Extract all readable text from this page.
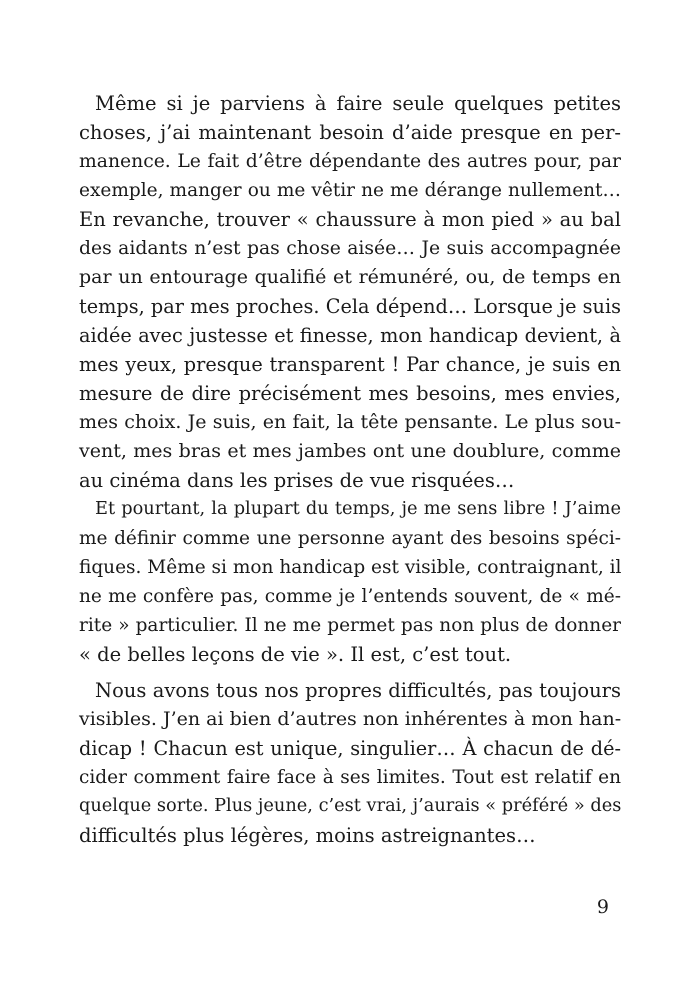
Même si je parviens à faire seule quelques petites
choses, j’ai maintenant besoin d’aide presque en per-
manence. Le fait d’être dépendante des autres pour, par
exemple, manger ou me vêtir ne me dérange nullement…
En revanche, trouver « chaussure à mon pied » au bal
des aidants n’est pas chose aisée… Je suis accompagnée
par un entourage qualifié et rémunéré, ou, de temps en
temps, par mes proches. Cela dépend… Lorsque je suis
aidée avec justesse et finesse, mon handicap devient, à
mes yeux, presque transparent ! Par chance, je suis en
mesure de dire précisément mes besoins, mes envies,
mes choix. Je suis, en fait, la tête pensante. Le plus sou-
vent, mes bras et mes jambes ont une doublure, comme
au cinéma dans les prises de vue risquées…
Et pourtant, la plupart du temps, je me sens libre ! J’aime
me définir comme une personne ayant des besoins spéci-
fiques. Même si mon handicap est visible, contraignant, il
ne me confère pas, comme je l’entends souvent, de « mé-
rite » particulier. Il ne me permet pas non plus de donner
« de belles leçons de vie ». Il est, c’est tout.
Nous avons tous nos propres difficultés, pas toujours
visibles. J’en ai bien d’autres non inhérentes à mon han-
dicap ! Chacun est unique, singulier… À chacun de dé-
cider comment faire face à ses limites. Tout est relatif en
quelque sorte. Plus jeune, c’est vrai, j’aurais « préféré » des
difficultés plus légères, moins astreignantes…
9
